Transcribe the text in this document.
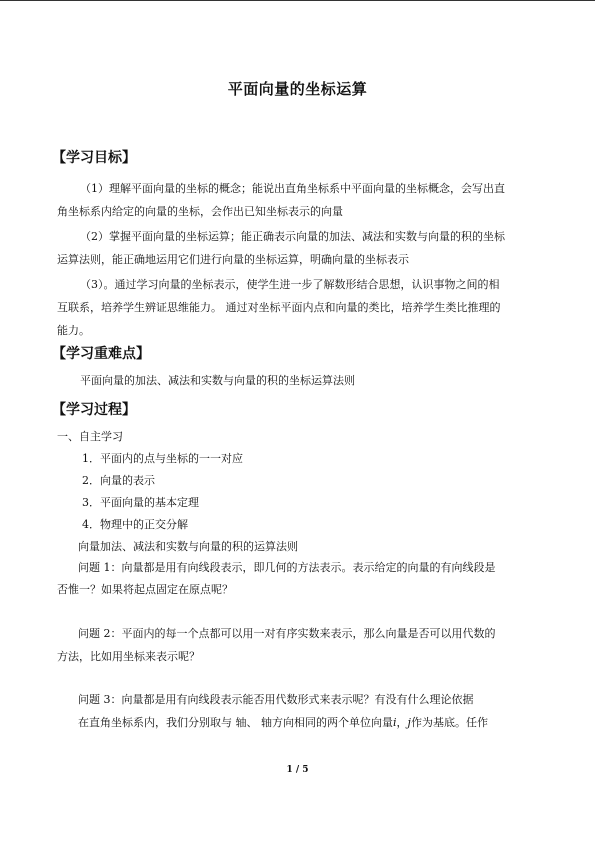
平面向量的坐标运算
【学习目标】
（1）理解平面向量的坐标的概念；能说出直角坐标系中平面向量的坐标概念，会写出直
角坐标系内给定的向量的坐标，会作出已知坐标表示的向量
（2）掌握平面向量的坐标运算；能正确表示向量的加法、减法和实数与向量的积的坐标
运算法则，能正确地运用它们进行向量的坐标运算，明确向量的坐标表示
（3）。通过学习向量的坐标表示，使学生进一步了解数形结合思想，认识事物之间的相
互联系，培养学生辨证思维能力。 通过对坐标平面内点和向量的类比，培养学生类比推理的
能力。
【学习重难点】
平面向量的加法、减法和实数与向量的积的坐标运算法则
【学习过程】
一、自主学习
1．平面内的点与坐标的一一对应
2．向量的表示
3．平面向量的基本定理
4．物理中的正交分解
向量加法、减法和实数与向量的积的运算法则
问题 1：向量都是用有向线段表示，即几何的方法表示。表示给定的向量的有向线段是
否惟一？如果将起点固定在原点呢？
问题 2：平面内的每一个点都可以用一对有序实数来表示，那么向量是否可以用代数的
方法，比如用坐标来表示呢？
问题 3：向量都是用有向线段表示能否用代数形式来表示呢？有没有什么理论依据
在直角坐标系内，我们分别取与 轴、 轴方向相同的两个单位向量i，j作为基底。任作
1 / 5
